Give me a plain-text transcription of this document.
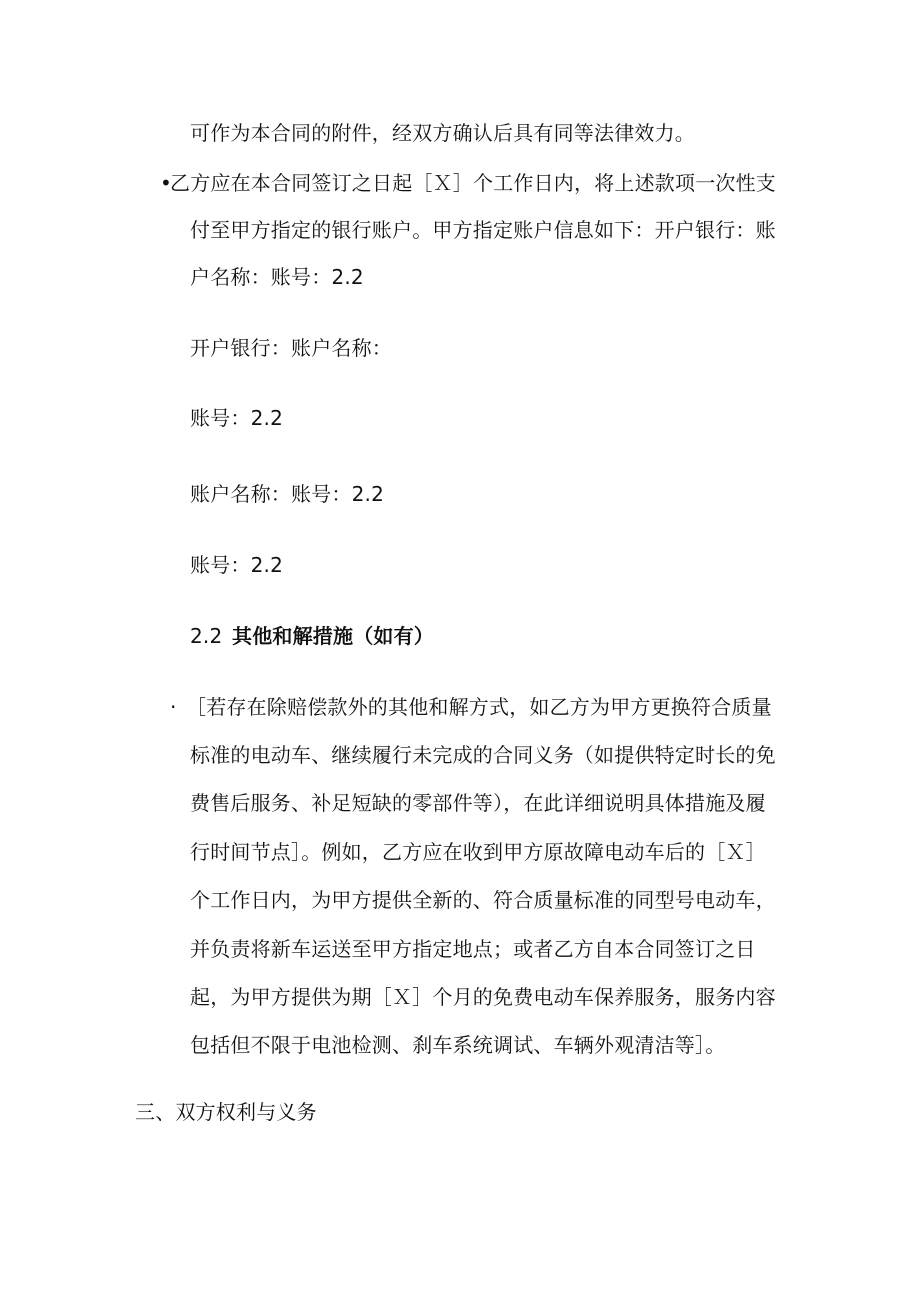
可作为本合同的附件，经双方确认后具有同等法律效力。
•
乙方应在本合同签订之日起［Ｘ］个工作日内，将上述款项一次性支
付至甲方指定的银行账户。甲方指定账户信息如下：开户银行：账
户名称：账号：2.2
开户银行：账户名称：
账号：2.2
账户名称：账号：2.2
账号：2.2
2.2 其他和解措施（如有）
· ［若存在除赔偿款外的其他和解方式，如乙方为甲方更换符合质量
标准的电动车、继续履行未完成的合同义务（如提供特定时长的免
费售后服务、补足短缺的零部件等），在此详细说明具体措施及履
行时间节点］。例如，乙方应在收到甲方原故障电动车后的［Ｘ］
个工作日内，为甲方提供全新的、符合质量标准的同型号电动车，
并负责将新车运送至甲方指定地点；或者乙方自本合同签订之日
起，为甲方提供为期［Ｘ］个月的免费电动车保养服务，服务内容
包括但不限于电池检测、刹车系统调试、车辆外观清洁等］。
三、双方权利与义务
